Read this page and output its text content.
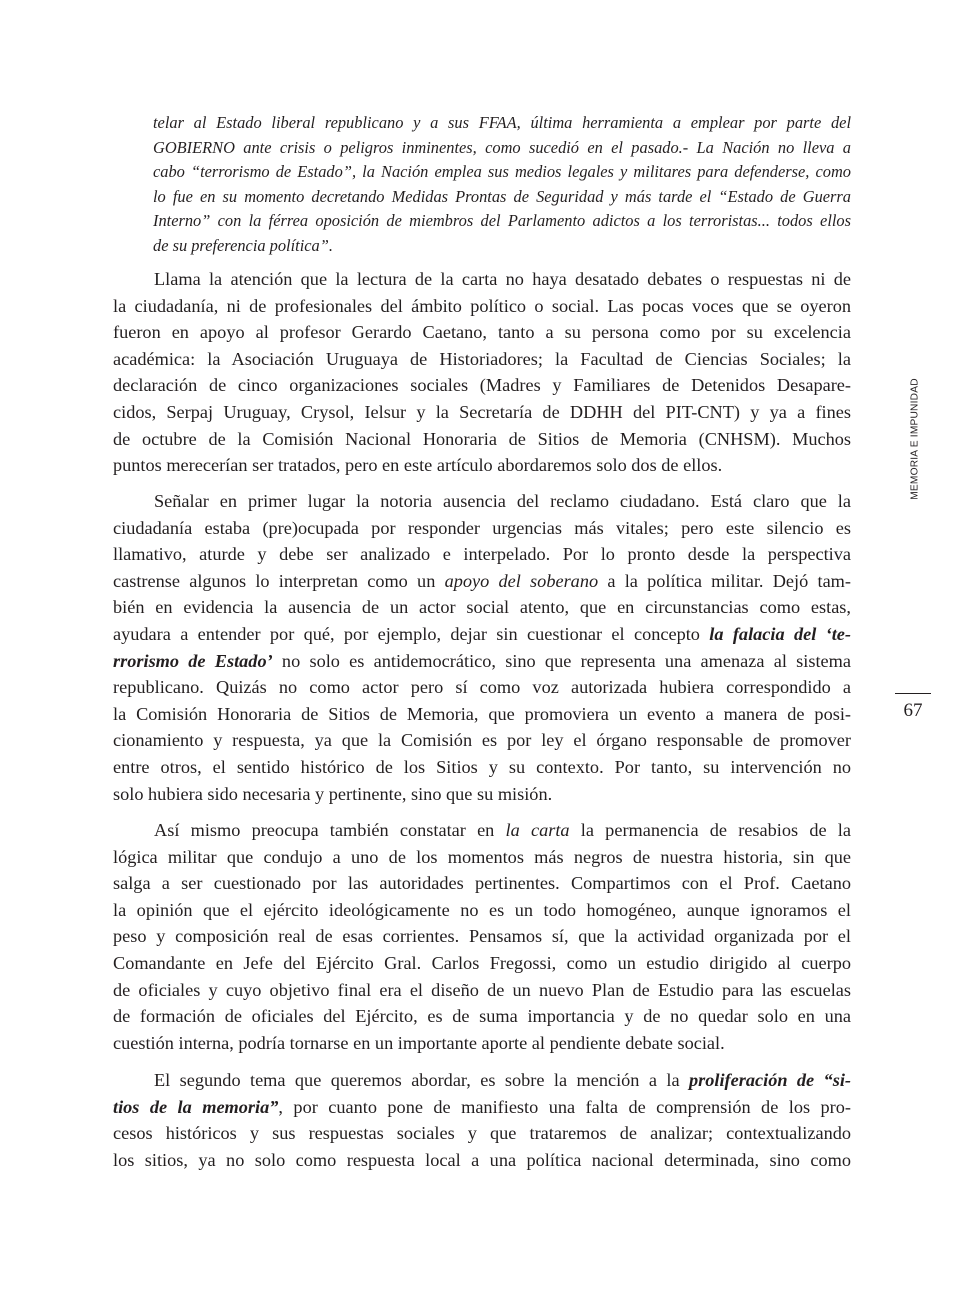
telar al Estado liberal republicano y a sus FFAA, última herramienta a emplear por parte del
GOBIERNO ante crisis o peligros inminentes, como sucedió en el pasado.- La Nación no lleva a
cabo “terrorismo de Estado”, la Nación emplea sus medios legales y militares para defenderse, como
lo fue en su momento decretando Medidas Prontas de Seguridad y más tarde el “Estado de Guerra
Interno” con la férrea oposición de miembros del Parlamento adictos a los terroristas... todos ellos
de su preferencia política”.
Llama la atención que la lectura de la carta no haya desatado debates o respuestas ni de
la ciudadanía, ni de profesionales del ámbito político o social. Las pocas voces que se oyeron
fueron en apoyo al profesor Gerardo Caetano, tanto a su persona como por su excelencia
académica: la Asociación Uruguaya de Historiadores; la Facultad de Ciencias Sociales; la
declaración de cinco organizaciones sociales (Madres y Familiares de Detenidos Desapare-
cidos, Serpaj Uruguay, Crysol, Ielsur y la Secretaría de DDHH del PIT-CNT) y ya a fines
de octubre de la Comisión Nacional Honoraria de Sitios de Memoria (CNHSM). Muchos
puntos merecerían ser tratados, pero en este artículo abordaremos solo dos de ellos.
Señalar en primer lugar la notoria ausencia del reclamo ciudadano. Está claro que la
ciudadanía estaba (pre)ocupada por responder urgencias más vitales; pero este silencio es
llamativo, aturde y debe ser analizado e interpelado. Por lo pronto desde la perspectiva
castrense algunos lo interpretan como un apoyo del soberano a la política militar. Dejó tam-
bién en evidencia la ausencia de un actor social atento, que en circunstancias como estas,
ayudara a entender por qué, por ejemplo, dejar sin cuestionar el concepto la falacia del ‘te-
rrorismo de Estado’ no solo es antidemocrático, sino que representa una amenaza al sistema
republicano. Quizás no como actor pero sí como voz autorizada hubiera correspondido a
la Comisión Honoraria de Sitios de Memoria, que promoviera un evento a manera de posi-
cionamiento y respuesta, ya que la Comisión es por ley el órgano responsable de promover
entre otros, el sentido histórico de los Sitios y su contexto. Por tanto, su intervención no
solo hubiera sido necesaria y pertinente, sino que su misión.
Así mismo preocupa también constatar en la carta la permanencia de resabios de la
lógica militar que condujo a uno de los momentos más negros de nuestra historia, sin que
salga a ser cuestionado por las autoridades pertinentes. Compartimos con el Prof. Caetano
la opinión que el ejército ideológicamente no es un todo homogéneo, aunque ignoramos el
peso y composición real de esas corrientes. Pensamos sí, que la actividad organizada por el
Comandante en Jefe del Ejército Gral. Carlos Fregossi, como un estudio dirigido al cuerpo
de oficiales y cuyo objetivo final era el diseño de un nuevo Plan de Estudio para las escuelas
de formación de oficiales del Ejército, es de suma importancia y de no quedar solo en una
cuestión interna, podría tornarse en un importante aporte al pendiente debate social.
El segundo tema que queremos abordar, es sobre la mención a la proliferación de “si-
tios de la memoria”, por cuanto pone de manifiesto una falta de comprensión de los pro-
cesos históricos y sus respuestas sociales y que trataremos de analizar; contextualizando
los sitios, ya no solo como respuesta local a una política nacional determinada, sino como
MEMORIA E IMPUNIDAD
67
